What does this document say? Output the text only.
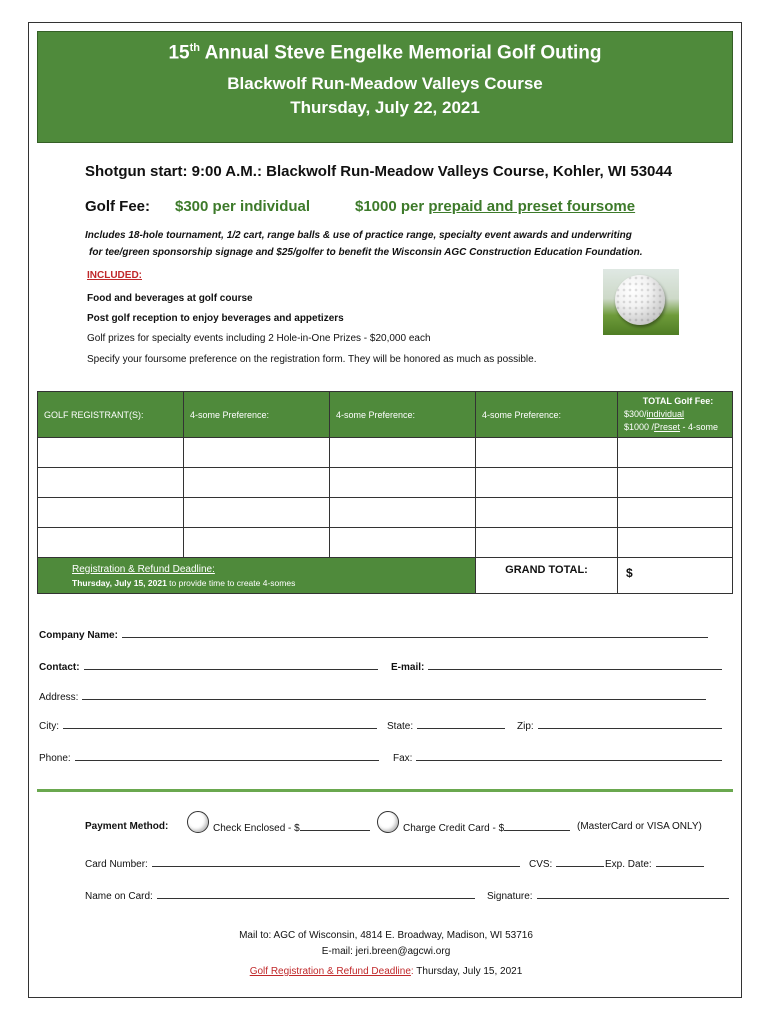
15th Annual Steve Engelke Memorial Golf Outing
Blackwolf Run-Meadow Valleys Course
Thursday, July 22, 2021
Shotgun start: 9:00 A.M.: Blackwolf Run-Meadow Valleys Course, Kohler, WI 53044
Golf Fee: $300 per individual	$1000 per prepaid and preset foursome
Includes 18-hole tournament, 1/2 cart, range balls & use of practice range, specialty event awards and underwriting
for tee/green sponsorship signage and $25/golfer to benefit the Wisconsin AGC Construction Education Foundation.
INCLUDED:
Food and beverages at golf course
Post golf reception to enjoy beverages and appetizers
Golf prizes for specialty events including 2 Hole-in-One Prizes - $20,000 each
Specify your foursome preference on the registration form. They will be honored as much as possible.
GOLF REGISTRANT(S):	4-some Preference:	4-some Preference:	4-some Preference:	TOTAL Golf Fee:
$300/individual
$1000 /Preset - 4-some

Registration & Refund Deadline:
Thursday, July 15, 2021 to provide time to create 4-somes			GRAND TOTAL:	$
Company Name:
Contact:	E-mail:
Address:
City:	State:	Zip:
Phone:	Fax:
Payment Method:	Check Enclosed - $	Charge Credit Card - $	(MasterCard or VISA ONLY)
Card Number:	CVS:	Exp. Date:
Name on Card:	Signature:
Mail to: AGC of Wisconsin, 4814 E. Broadway, Madison, WI 53716
E-mail: jeri.breen@agcwi.org
Golf Registration & Refund Deadline: Thursday, July 15, 2021
